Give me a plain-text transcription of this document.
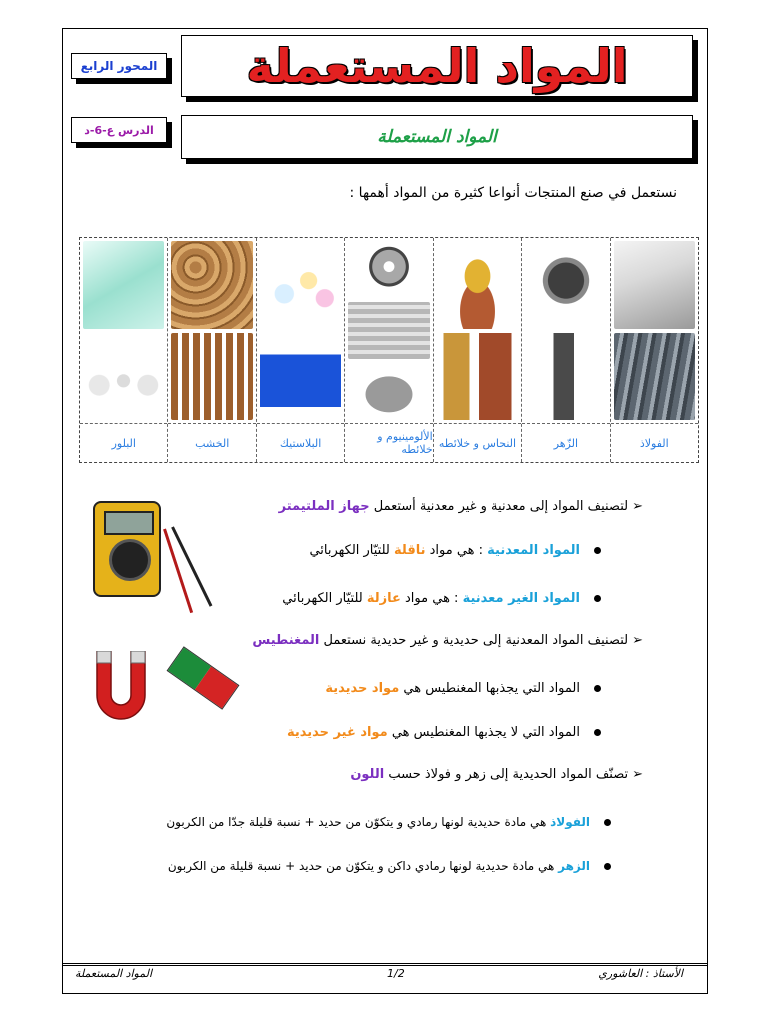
المواد المستعملة
المحور الرابع
المواد المستعملة
الدرس ع-6-د
نستعمل في صنع المنتجات أنواعا كثيرة من المواد أهمها :
الفولاذ
الزّهر
النحاس و خلائطه
الألومينيوم و خلائطه
البلاستيك
الخشب
البلور
➢لتصنيف المواد إلى معدنية و غير معدنية أستعمل جهاز الملتيمتر
المواد المعدنية : هي مواد ناقلة للتيّار الكهربائي
المواد الغير معدنية : هي مواد عازلة للتيّار الكهربائي
➢لتصنيف المواد المعدنية إلى حديدية و غير حديدية نستعمل المغنطيس
المواد التي يجذبها المغنطيس هي مواد حديدية
المواد التي لا يجذبها المغنطيس هي مواد غير حديدية
➢تصنّف المواد الحديدية إلى زهر و فولاذ حسب اللون
الفولاذ هي مادة حديدية لونها رمادي و يتكوّن من حديد + نسبة قليلة جدّا من الكربون
الزهر هي مادة حديدية لونها رمادي داكن و يتكوّن من حديد + نسبة قليلة من الكربون
الأستاذ : العاشوري
1/2
المواد المستعملة
